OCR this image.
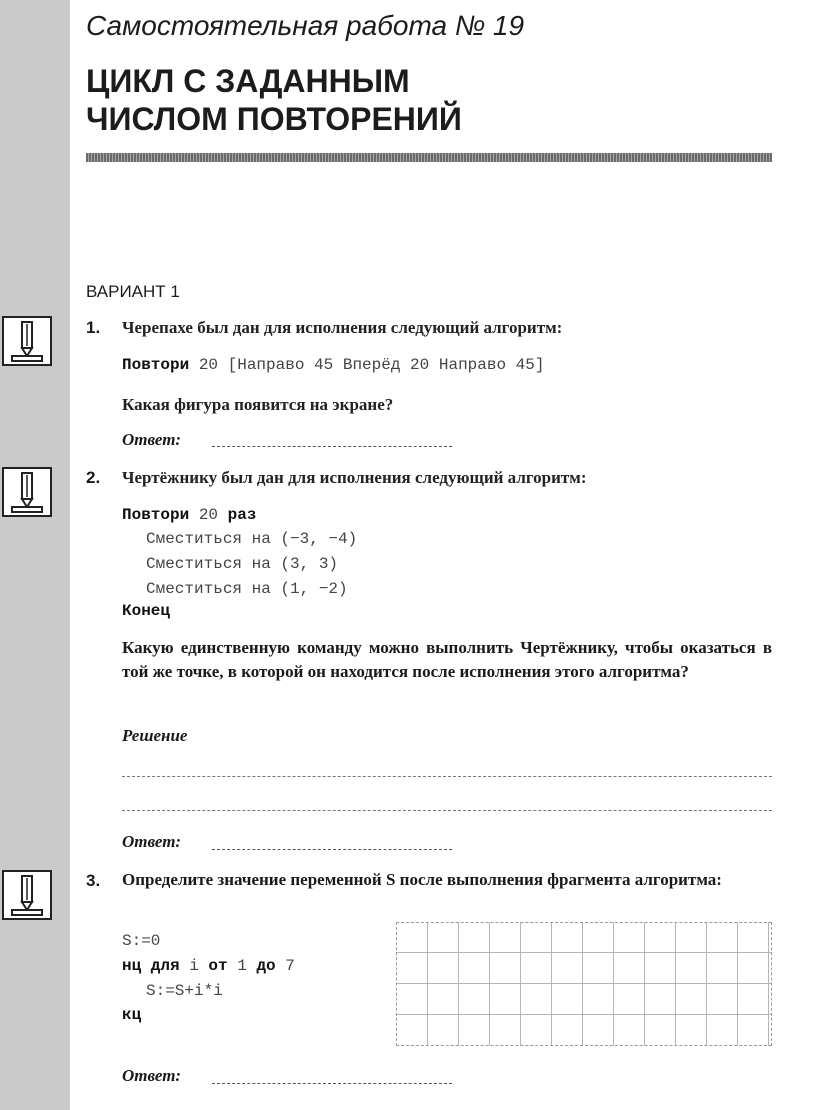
Самостоятельная работа № 19
ЦИКЛ С ЗАДАННЫМ
ЧИСЛОМ ПОВТОРЕНИЙ
ВАРИАНТ 1
1. Черепахе был дан для исполнения следующий алгоритм:
Повтори 20 [Направо 45 Вперёд 20 Направо 45]
Какая фигура появится на экране?
Ответ:
2. Чертёжнику был дан для исполнения следующий алгоритм:
Повтори 20 раз
Сместиться на (−3, −4)
Сместиться на (3, 3)
Сместиться на (1, −2)
Конец
Какую единственную команду можно выполнить Чертёжнику, чтобы оказаться в той же точке, в которой он находится после исполнения этого алгоритма?
Решение
Ответ:
3. Определите значение переменной S после выполнения фрагмента алгоритма:
S:=0
нц для i от 1 до 7
S:=S+i*i
кц
Ответ:
